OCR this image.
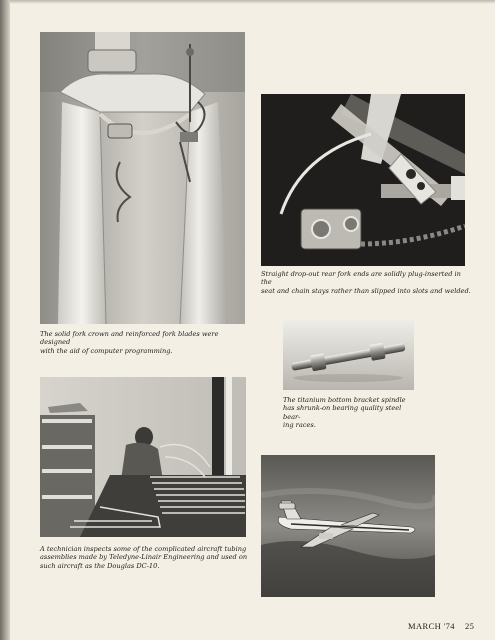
The solid fork crown and reinforced fork blades were designed
with the aid of computer programming.
Straight drop-out rear fork ends are solidly plug-inserted in the
seat and chain stays rather than slipped into slots and welded.
The titanium bottom bracket spindle
has shrunk-on bearing quality steel bear-
ing races.
A technician inspects some of the complicated aircraft tubing
assemblies made by Teledyne-Linair Engineering and used on
such aircraft as the Douglas DC-10.
MARCH '74 25
